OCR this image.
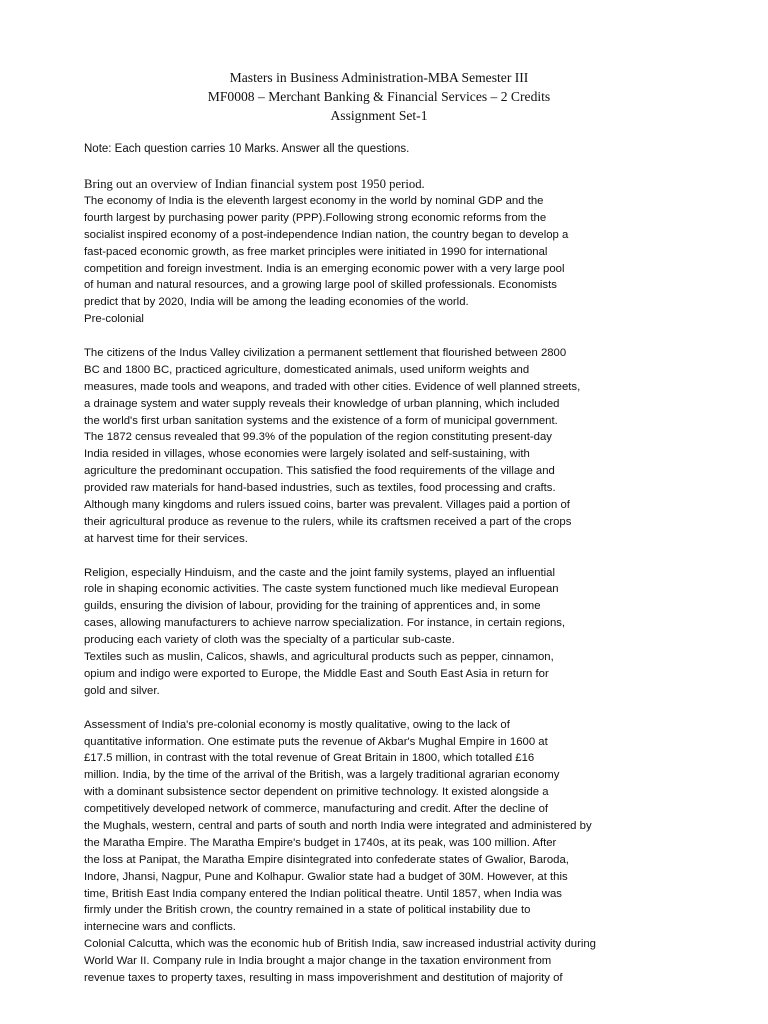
Masters in Business Administration-MBA Semester III
MF0008 – Merchant Banking & Financial Services – 2 Credits
Assignment Set-1

Note: Each question carries 10 Marks. Answer all the questions.

Bring out an overview of Indian financial system post 1950 period.

The economy of India is the eleventh largest economy in the world by nominal GDP and the
fourth largest by purchasing power parity (PPP).Following strong economic reforms from the
socialist inspired economy of a post-independence Indian nation, the country began to develop a
fast-paced economic growth, as free market principles were initiated in 1990 for international
competition and foreign investment. India is an emerging economic power with a very large pool
of human and natural resources, and a growing large pool of skilled professionals. Economists
predict that by 2020, India will be among the leading economies of the world.
Pre-colonial
The citizens of the Indus Valley civilization a permanent settlement that flourished between 2800
BC and 1800 BC, practiced agriculture, domesticated animals, used uniform weights and
measures, made tools and weapons, and traded with other cities. Evidence of well planned streets,
a drainage system and water supply reveals their knowledge of urban planning, which included
the world's first urban sanitation systems and the existence of a form of municipal government.
The 1872 census revealed that 99.3% of the population of the region constituting present-day
India resided in villages, whose economies were largely isolated and self-sustaining, with
agriculture the predominant occupation. This satisfied the food requirements of the village and
provided raw materials for hand-based industries, such as textiles, food processing and crafts.
Although many kingdoms and rulers issued coins, barter was prevalent. Villages paid a portion of
their agricultural produce as revenue to the rulers, while its craftsmen received a part of the crops
at harvest time for their services.
Religion, especially Hinduism, and the caste and the joint family systems, played an influential
role in shaping economic activities. The caste system functioned much like medieval European
guilds, ensuring the division of labour, providing for the training of apprentices and, in some
cases, allowing manufacturers to achieve narrow specialization. For instance, in certain regions,
producing each variety of cloth was the specialty of a particular sub-caste.
Textiles such as muslin, Calicos, shawls, and agricultural products such as pepper, cinnamon,
opium and indigo were exported to Europe, the Middle East and South East Asia in return for
gold and silver.
Assessment of India's pre-colonial economy is mostly qualitative, owing to the lack of
quantitative information. One estimate puts the revenue of Akbar's Mughal Empire in 1600 at
£17.5 million, in contrast with the total revenue of Great Britain in 1800, which totalled £16
million. India, by the time of the arrival of the British, was a largely traditional agrarian economy
with a dominant subsistence sector dependent on primitive technology. It existed alongside a
competitively developed network of commerce, manufacturing and credit. After the decline of
the Mughals, western, central and parts of south and north India were integrated and administered by
the Maratha Empire. The Maratha Empire's budget in 1740s, at its peak, was 100 million. After
the loss at Panipat, the Maratha Empire disintegrated into confederate states of Gwalior, Baroda,
Indore, Jhansi, Nagpur, Pune and Kolhapur. Gwalior state had a budget of 30M. However, at this
time, British East India company entered the Indian political theatre. Until 1857, when India was
firmly under the British crown, the country remained in a state of political instability due to
internecine wars and conflicts.
Colonial Calcutta, which was the economic hub of British India, saw increased industrial activity during
World War II. Company rule in India brought a major change in the taxation environment from
revenue taxes to property taxes, resulting in mass impoverishment and destitution of majority of
